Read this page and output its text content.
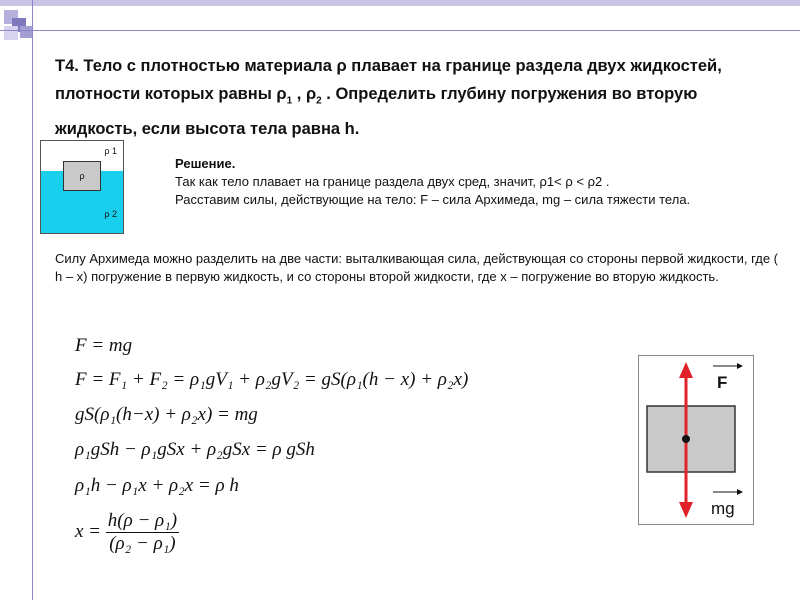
T4. Тело с плотностью материала ρ плавает на границе раздела двух жидкостей, плотности которых равны $\rho_1$ , $\rho_2$ . Определить глубину погружения во вторую жидкость, если высота тела равна h.
ρ
ρ 1
ρ 2
Решение.
Так как тело плавает на границе раздела двух сред, значит, ρ1< ρ < ρ2 .
Расставим силы, действующие на тело: F – сила Архимеда, mg – сила тяжести тела.
Силу Архимеда можно разделить на две части: выталкивающая сила, действующая со стороны первой жидкости, где ( h – x) погружение в первую жидкость, и со стороны второй жидкости, где x – погружение во вторую жидкость.
F = mg
F = F₁ + F₂ = ρ₁gV₁ + ρ₂gV₂ = gS(ρ₁(h − x) + ρ₂x)
gS(ρ₁(h−x) + ρ₂x) = mg
ρ₁gSh − ρ₁gSx + ρ₂gSx = ρ gSh
ρ₁h − ρ₁x + ρ₂x = ρ h
$x = \frac{\text{h(ρ − ρ₁)}}{\text{(ρ₂ − ρ₁)}}$
F
mg
